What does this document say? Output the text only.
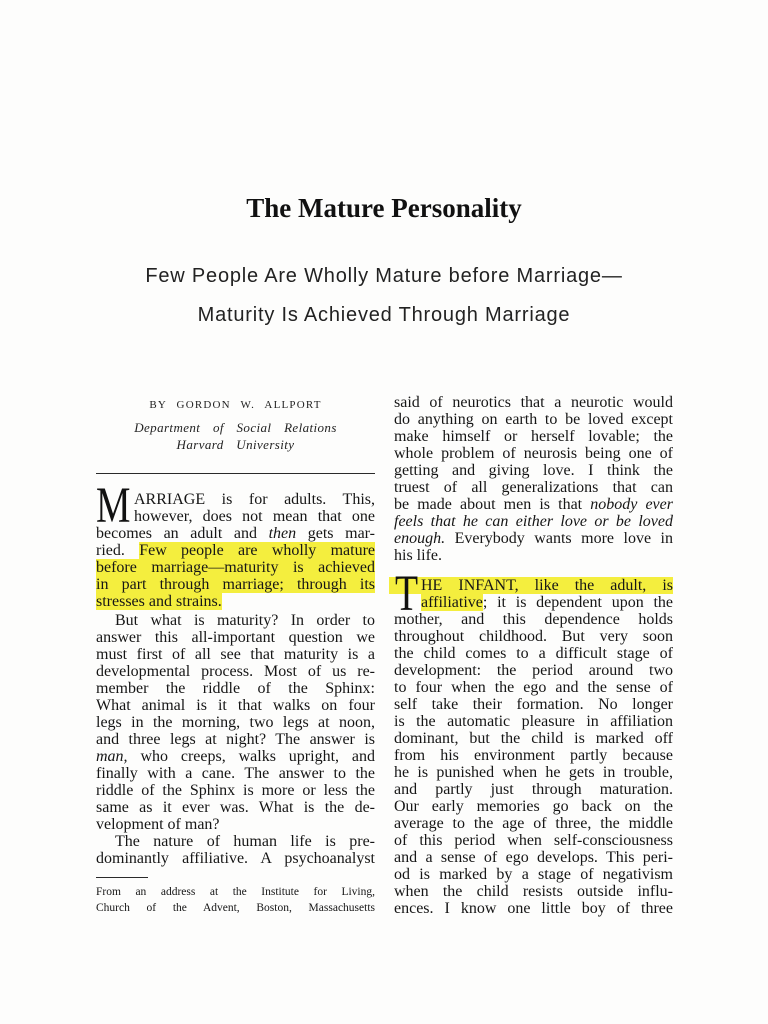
The Mature Personality
Few People Are Wholly Mature before Marriage—
Maturity Is Achieved Through Marriage
BY GORDON W. ALLPORT
Department of Social Relations
Harvard University
M ARRIAGE is for adults. This,
however, does not mean that one
becomes an adult and then gets mar-
ried. Few people are wholly mature
before marriage—maturity is achieved
in part through marriage; through its
stresses and strains.
But what is maturity? In order to
answer this all-important question we
must first of all see that maturity is a
developmental process. Most of us re-
member the riddle of the Sphinx:
What animal is it that walks on four
legs in the morning, two legs at noon,
and three legs at night? The answer is
man, who creeps, walks upright, and
finally with a cane. The answer to the
riddle of the Sphinx is more or less the
same as it ever was. What is the de-
velopment of man?
The nature of human life is pre-
dominantly affiliative. A psychoanalyst
From an address at the Institute for Living,
Church of the Advent, Boston, Massachusetts
said of neurotics that a neurotic would
do anything on earth to be loved except
make himself or herself lovable; the
whole problem of neurosis being one of
getting and giving love. I think the
truest of all generalizations that can
be made about men is that nobody ever
feels that he can either love or be loved
enough. Everybody wants more love in
his life.
T HE INFANT, like the adult, is
affiliative; it is dependent upon the
mother, and this dependence holds
throughout childhood. But very soon
the child comes to a difficult stage of
development: the period around two
to four when the ego and the sense of
self take their formation. No longer
is the automatic pleasure in affiliation
dominant, but the child is marked off
from his environment partly because
he is punished when he gets in trouble,
and partly just through maturation.
Our early memories go back on the
average to the age of three, the middle
of this period when self-consciousness
and a sense of ego develops. This peri-
od is marked by a stage of negativism
when the child resists outside influ-
ences. I know one little boy of three
